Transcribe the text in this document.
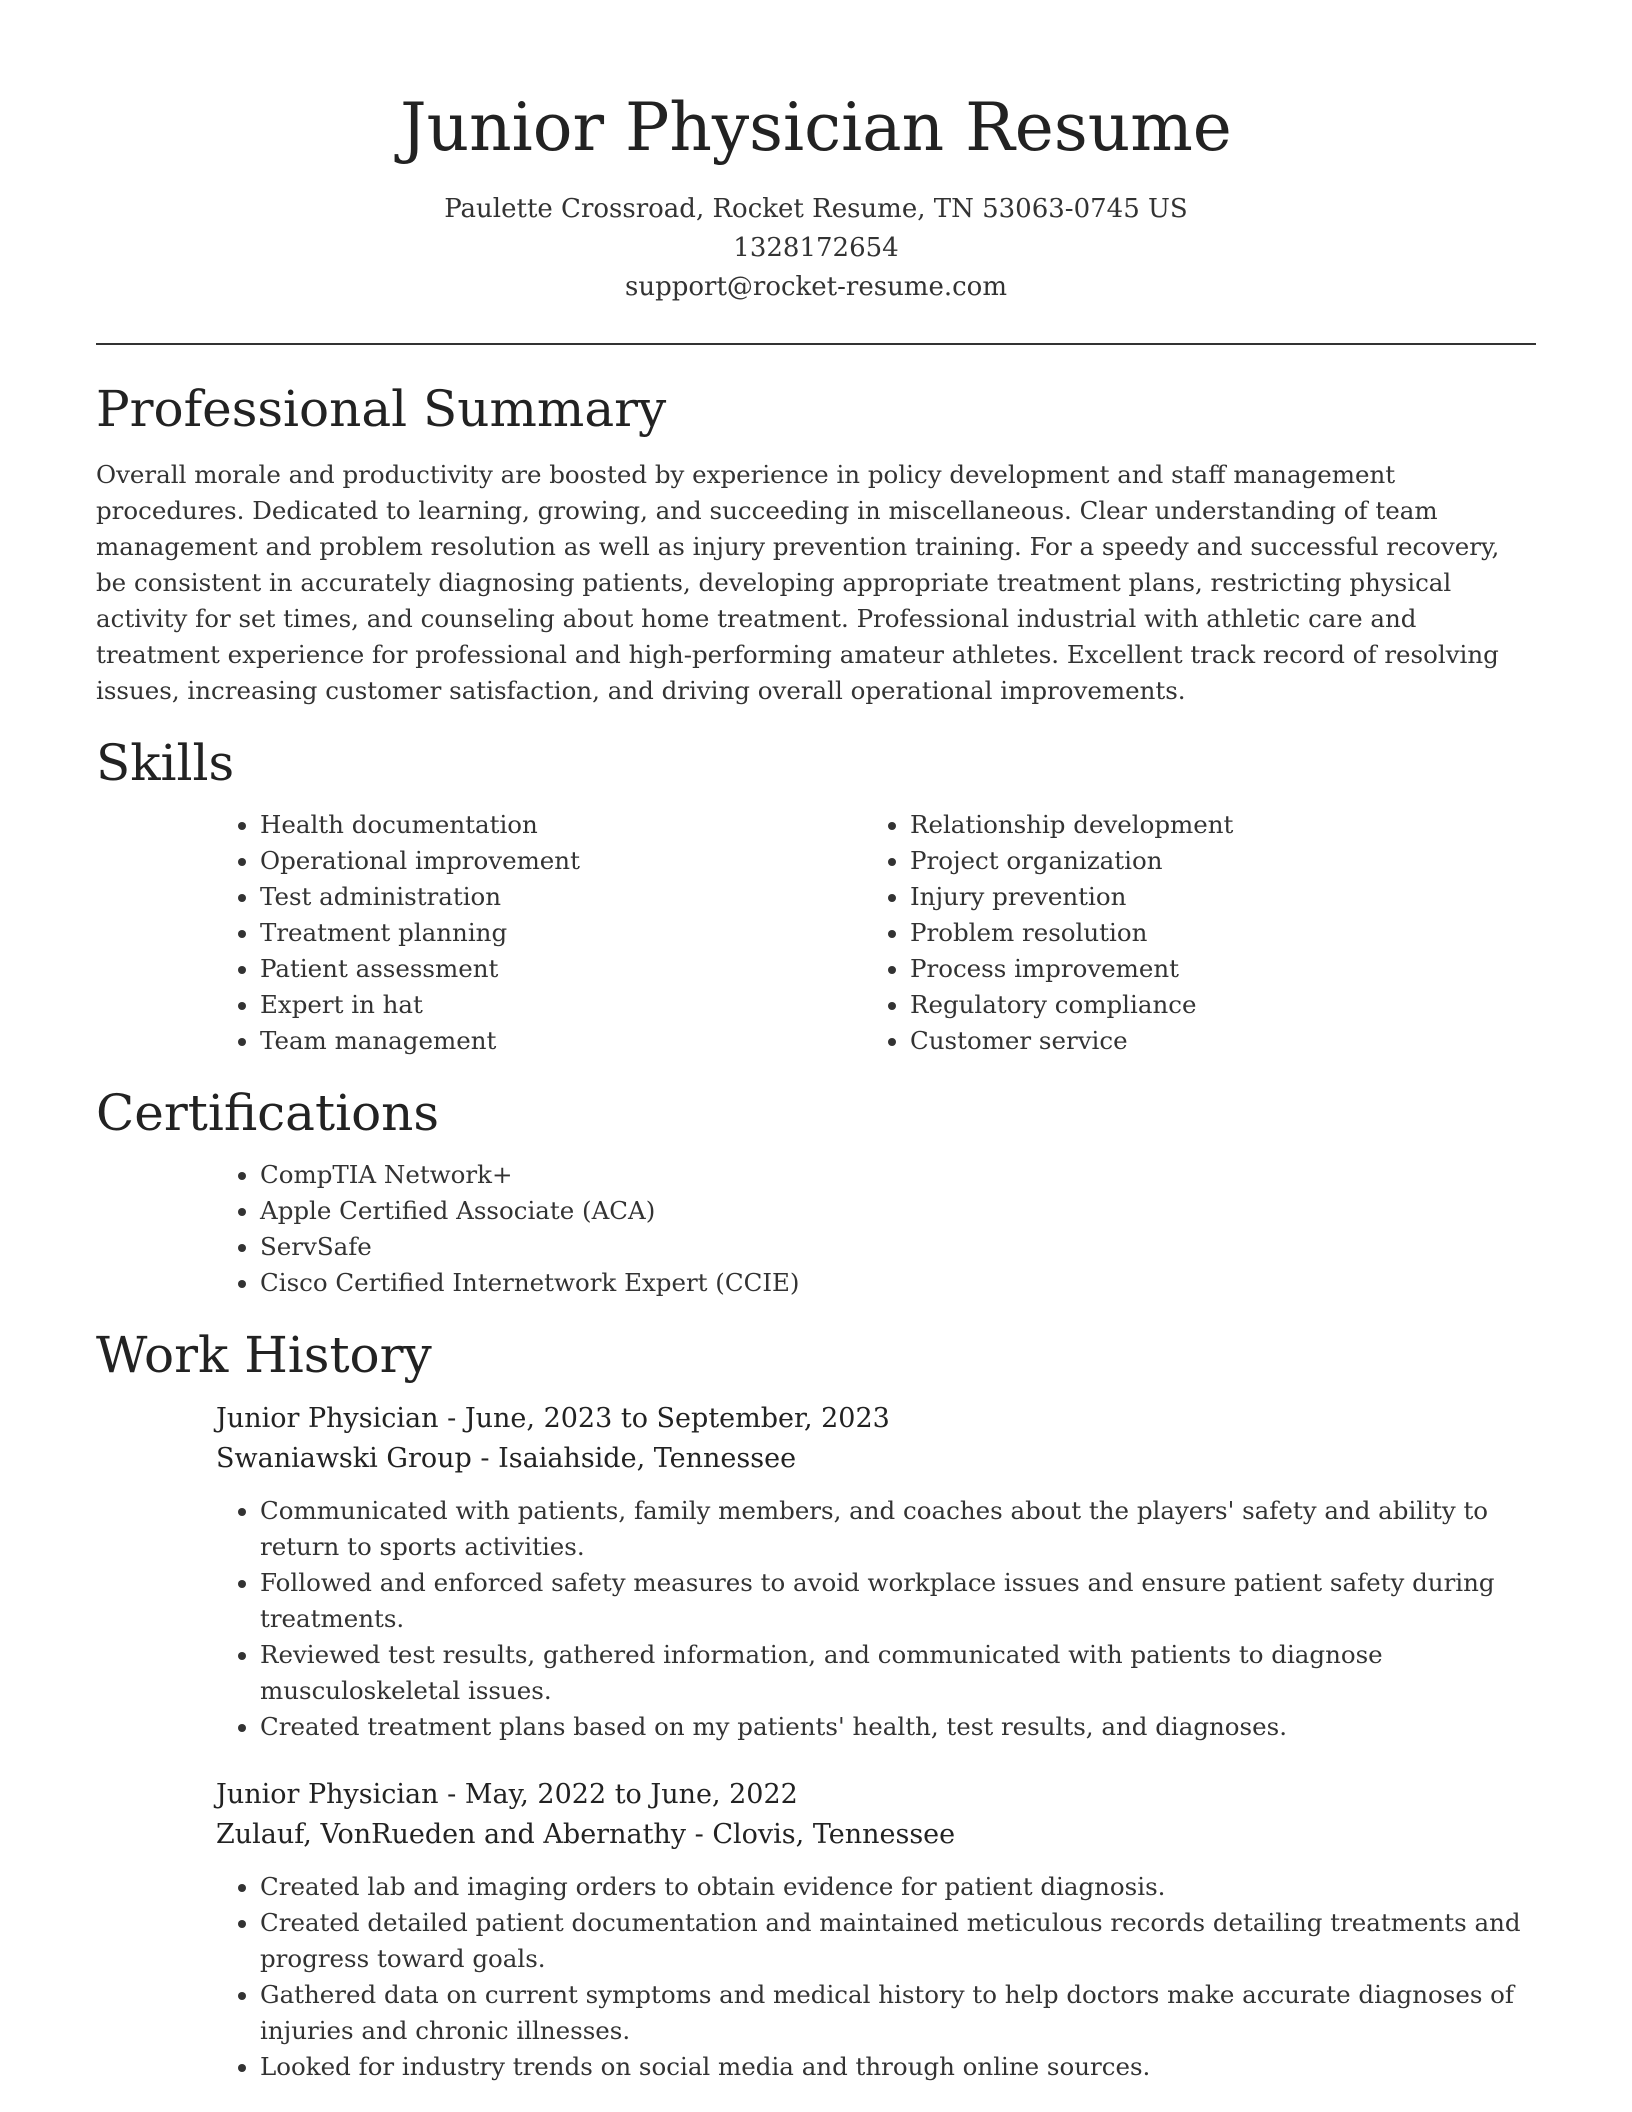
Junior Physician Resume
Paulette Crossroad, Rocket Resume, TN 53063-0745 US
1328172654
support@rocket-resume.com
Professional Summary

Overall morale and productivity are boosted by experience in policy development and staff management procedures. Dedicated to learning, growing, and succeeding in miscellaneous. Clear understanding of team management and problem resolution as well as injury prevention training. For a speedy and successful recovery, be consistent in accurately diagnosing patients, developing appropriate treatment plans, restricting physical activity for set times, and counseling about home treatment. Professional industrial with athletic care and treatment experience for professional and high-performing amateur athletes. Excellent track record of resolving issues, increasing customer satisfaction, and driving overall operational improvements.

Skills
• Health documentation
• Operational improvement
• Test administration
• Treatment planning
• Patient assessment
• Expert in hat
• Team management
• Relationship development
• Project organization
• Injury prevention
• Problem resolution
• Process improvement
• Regulatory compliance
• Customer service
Certifications
• CompTIA Network+
• Apple Certified Associate (ACA)
• ServSafe
• Cisco Certified Internetwork Expert (CCIE)
Work History
Junior Physician - June, 2023 to September, 2023
Swaniawski Group - Isaiahside, Tennessee
• Communicated with patients, family members, and coaches about the players' safety and ability to return to sports activities.
• Followed and enforced safety measures to avoid workplace issues and ensure patient safety during treatments.
• Reviewed test results, gathered information, and communicated with patients to diagnose musculoskeletal issues.
• Created treatment plans based on my patients' health, test results, and diagnoses.
Junior Physician - May, 2022 to June, 2022
Zulauf, VonRueden and Abernathy - Clovis, Tennessee
• Created lab and imaging orders to obtain evidence for patient diagnosis.
• Created detailed patient documentation and maintained meticulous records detailing treatments and progress toward goals.
• Gathered data on current symptoms and medical history to help doctors make accurate diagnoses of injuries and chronic illnesses.
• Looked for industry trends on social media and through online sources.
